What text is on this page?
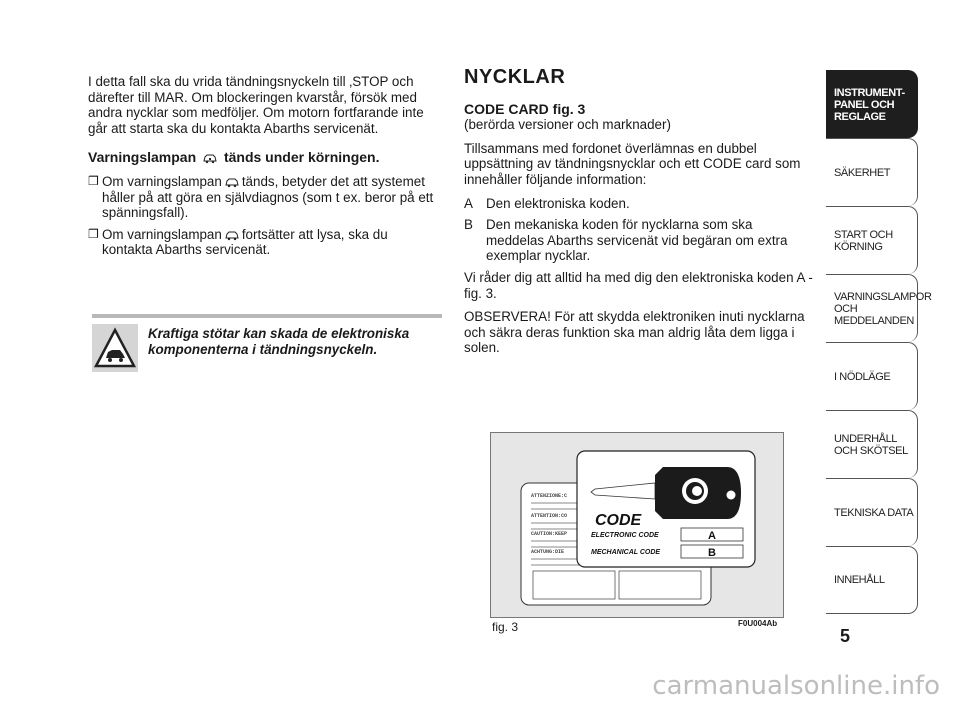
I detta fall ska du vrida tändningsnyckeln till ‚STOP och därefter till MAR. Om blockeringen kvarstår, försök med andra nycklar som medföljer. Om motorn fortfarande inte går att starta ska du kontakta Abarths servicenät.

Varningslampan tänds under körningen.

❒ Om varningslampan tänds, betyder det att systemet håller på att göra en självdiagnos (som t ex. beror på ett spänningsfall).
❒ Om varningslampan fortsätter att lysa, ska du kontakta Abarths servicenät.
Kraftiga stötar kan skada de elektroniska komponenterna i tändningsnyckeln.
NYCKLAR
CODE CARD fig. 3

(berörda versioner och marknader)

Tillsammans med fordonet överlämnas en dubbel uppsättning av tändningsnycklar och ett CODE card som innehåller följande information:

A Den elektroniska koden.
B Den mekaniska koden för nycklarna som ska meddelas Abarths servicenät vid begäran om extra exemplar nycklar.

Vi råder dig att alltid ha med dig den elektroniska koden A - fig. 3.

OBSERVERA! För att skydda elektroniken inuti nycklarna och säkra deras funktion ska man aldrig låta dem ligga i solen.

ATTENZIONE:C
ATTENTION:CO
CAUTION:KEEP
ACHTUNG:DIE
CODE
ELECTRONIC CODE	A
MECHANICAL CODE	B
fig. 3	F0U004Ab
INSTRUMENT-
PANEL OCH
REGLAGE
SÄKERHET
START OCH
KÖRNING
VARNINGSLAMPOR
OCH
MEDDELANDEN
I NÖDLÄGE
UNDERHÅLL
OCH SKÖTSEL
TEKNISKA DATA
INNEHÅLL
5
carmanualsonline.info
